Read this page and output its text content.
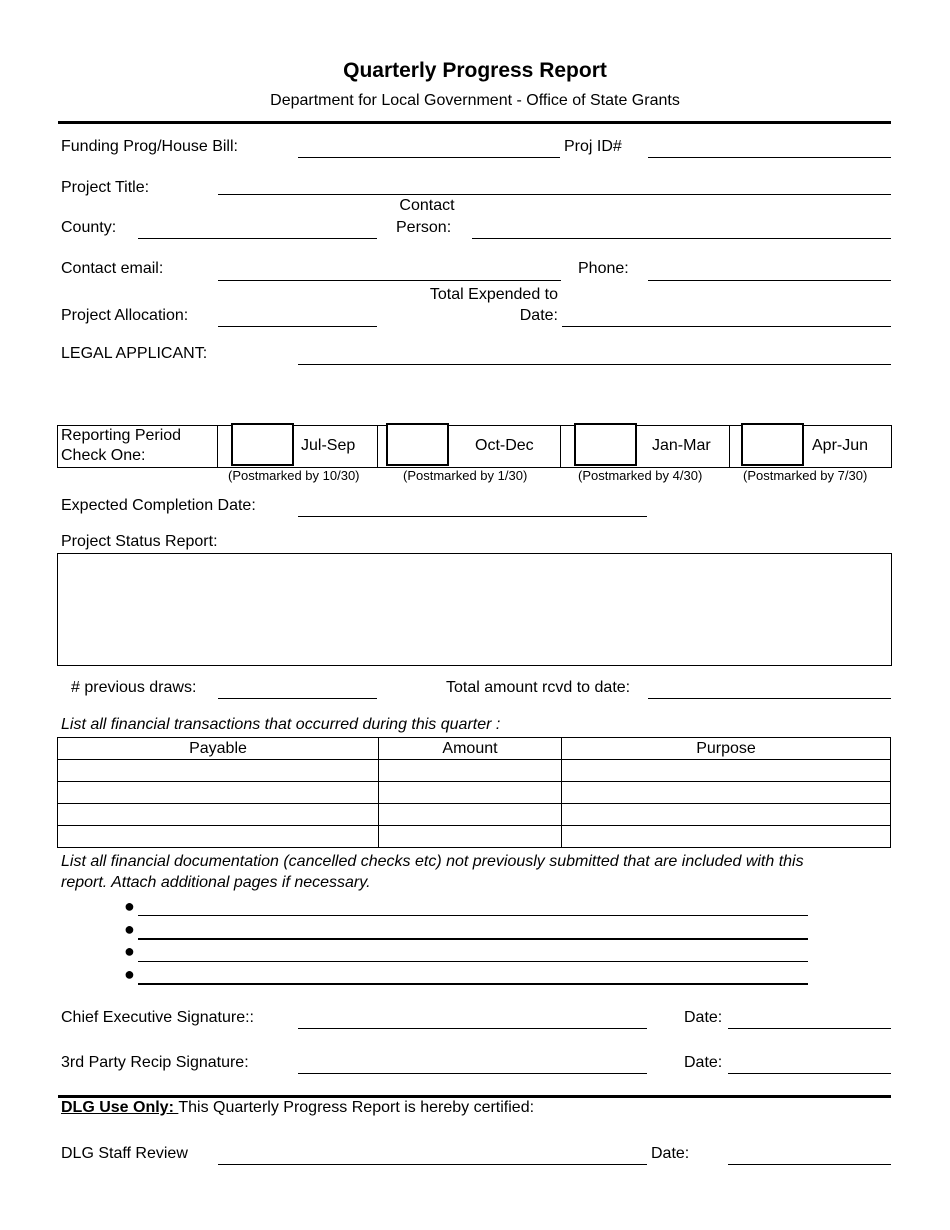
Quarterly Progress Report
Department for Local Government - Office of State Grants
Funding Prog/House Bill:	Proj ID#
Project Title:
County:
Contact
Person:
Contact email:	Phone:
Project Allocation:
Total Expended to
Date:
LEGAL APPLICANT:
Reporting Period
Check One:
Jul-Sep
(Postmarked by 10/30)
Oct-Dec
(Postmarked by 1/30)
Jan-Mar
(Postmarked by 4/30)
Apr-Jun
(Postmarked by 7/30)
Expected Completion Date:
Project Status Report:
# previous draws:	Total amount rcvd to date:
List all financial transactions that occurred during this quarter :
Payable	Amount	Purpose

List all financial documentation (cancelled checks etc) not previously submitted that are included with this
report. Attach additional pages if necessary.
●
●
●
●
Chief Executive Signature::	Date:
3rd Party Recip Signature:	Date:
DLG Use Only: This Quarterly Progress Report is hereby certified:
DLG Staff Review	Date:
